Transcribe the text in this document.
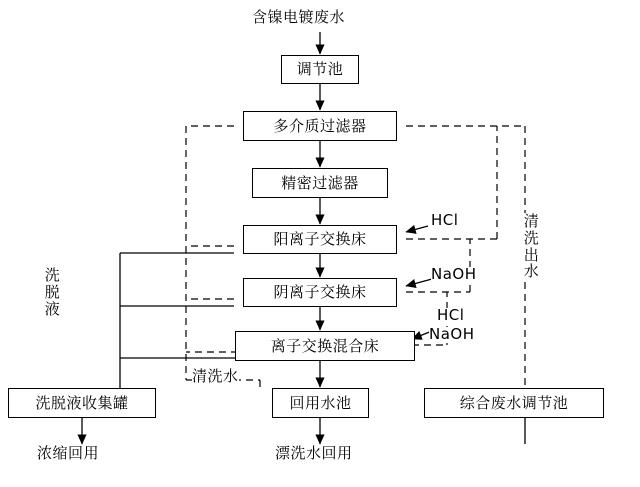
含镍电镀废水
调节池
多介质过滤器
精密过滤器
阳离子交换床
阴离子交换床
离子交换混合床
洗脱液收集罐	回用水池	综合废水调节池
HCl
NaOH
HCl
NaOH
洗脱液
清洗出水
清洗水
浓缩回用	漂洗水回用
